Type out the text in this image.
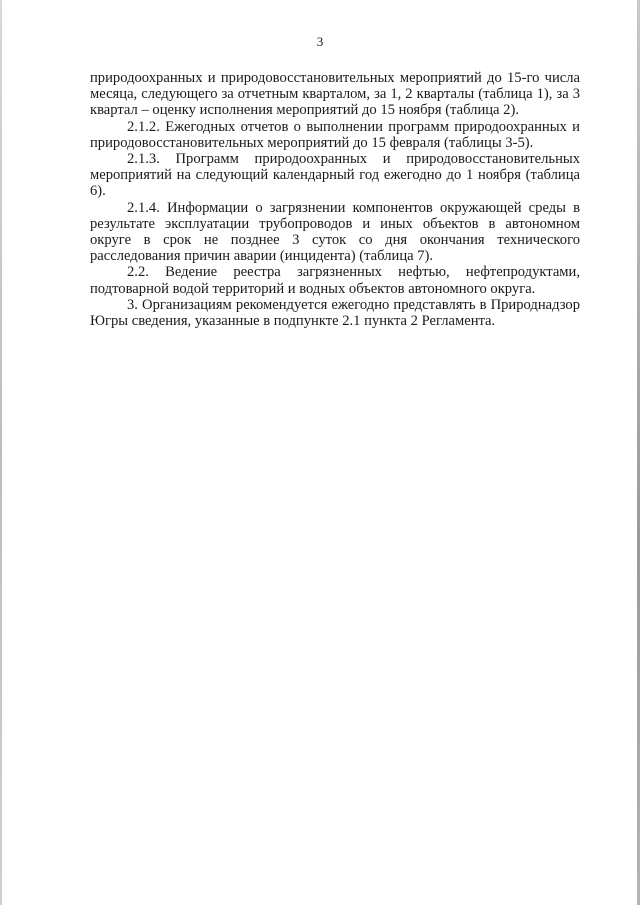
3

природоохранных и природовосстановительных мероприятий до 15-го числа месяца, следующего за отчетным кварталом, за 1, 2 кварталы (таблица 1), за 3 квартал – оценку исполнения мероприятий до 15 ноября (таблица 2).

2.1.2. Ежегодных отчетов о выполнении программ природоохранных и природовосстановительных мероприятий до 15 февраля (таблицы 3-5).

2.1.3. Программ природоохранных и природовосстановительных мероприятий на следующий календарный год ежегодно до 1 ноября (таблица 6).

2.1.4. Информации о загрязнении компонентов окружающей среды в результате эксплуатации трубопроводов и иных объектов в автономном округе в срок не позднее 3 суток со дня окончания технического расследования причин аварии (инцидента) (таблица 7).

2.2. Ведение реестра загрязненных нефтью, нефтепродуктами, подтоварной водой территорий и водных объектов автономного округа.

3. Организациям рекомендуется ежегодно представлять в Природнадзор Югры сведения, указанные в подпункте 2.1 пункта 2 Регламента.
